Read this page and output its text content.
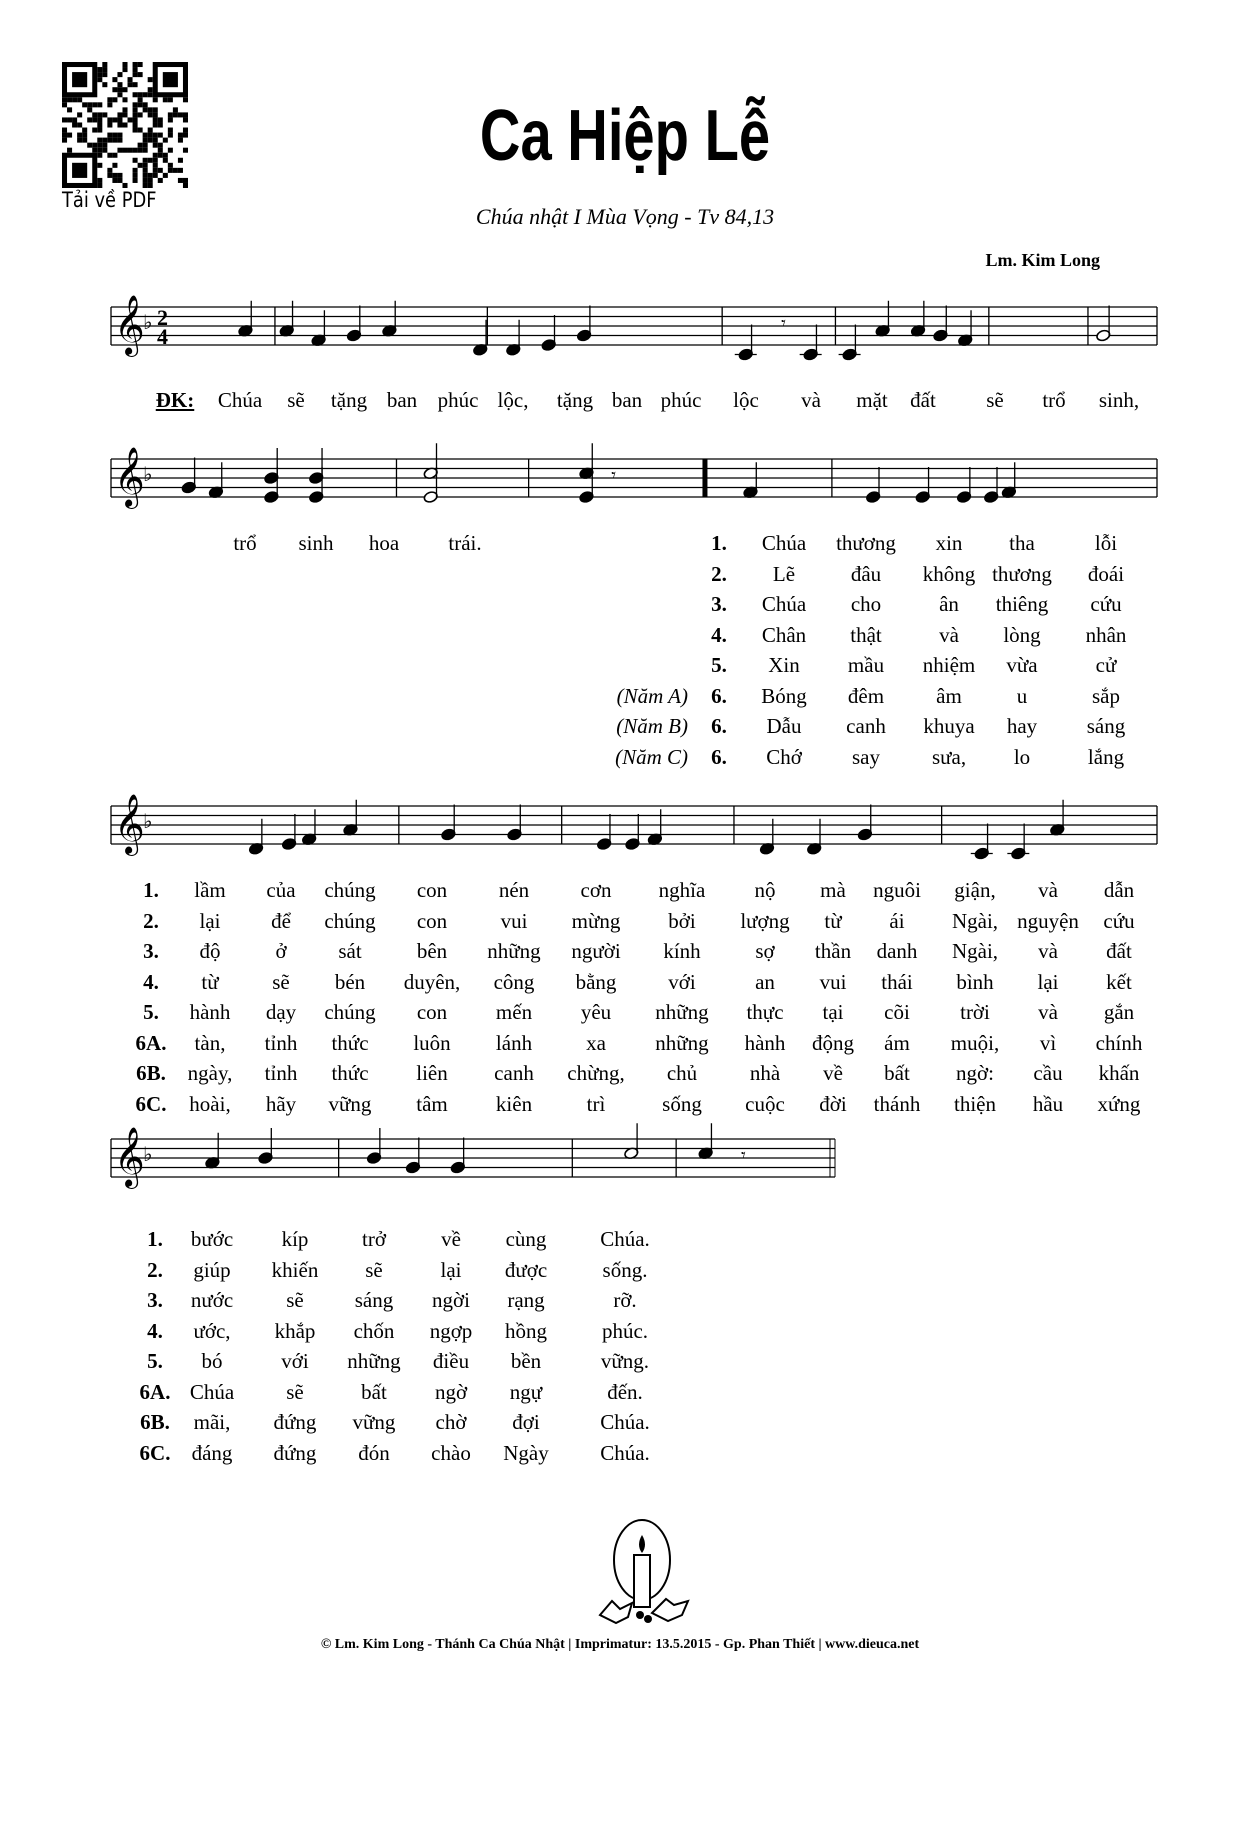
Tải về PDF
Ca Hiệp Lễ
Chúa nhật I Mùa Vọng - Tv 84,13
Lm. Kim Long
𝄞
♭ 2
4
𝄾
𝄞
♭	𝄾
𝄞
♭
𝄞
♭	𝄾
ĐK: Chúa sẽ tặng ban phúc lộc, tặng ban phúc lộc và mặt đất sẽ trổ sinh,
trổ sinh hoa trái.	1. Chúa thương xin tha	lỗi
2. Lẽ	đâu không thương đoái
3. Chúa cho	ân thiêng cứu
4. Chân thật	và lòng nhân
5. Xin mầu nhiệm vừa	cử
(Năm A) 6. Bóng đêm âm	u	sắp
(Năm B) 6. Dẫu canh khuya hay sáng
(Năm C) 6. Chớ say sưa, lo	lắng
1. lầm của chúng con nén cơn nghĩa nộ mà nguôi giận, và dẫn
2. lại để chúng con	vui mừng bởi lượng từ ái Ngài, nguyện cứu
3. độ	ở sát	bên những người kính	sợ thần danh Ngài, và đất
4. từ	sẽ bén duyên, công bằng với	an vui thái bình lại kết
5. hành dạy chúng con mến yêu những thực tại cõi trời và gắn
6A. tàn, tỉnh thức luôn lánh	xa những hành động ám muội, vì chính
6B. ngày, tỉnh thức liên canh chừng, chủ	nhà về bất ngờ: cầu khấn
6C. hoài, hãy vững tâm kiên	trì	sống cuộc đời thánh thiện hầu xứng
1. bước kíp	trở	về cùng	Chúa.
2. giúp khiến sẽ	lại được	sống.
3. nước	sẽ sáng ngời rạng	rỡ.
4. ước, khắp chốn ngợp hồng	phúc.
5. bó	với những điều bền	vững.
6A. Chúa sẽ	bất ngờ ngự	đến.
6B. mãi, đứng vững chờ đợi	Chúa.
6C. đáng đứng đón chào Ngày Chúa.
© Lm. Kim Long - Thánh Ca Chúa Nhật | Imprimatur: 13.5.2015 - Gp. Phan Thiết | www.dieuca.net
